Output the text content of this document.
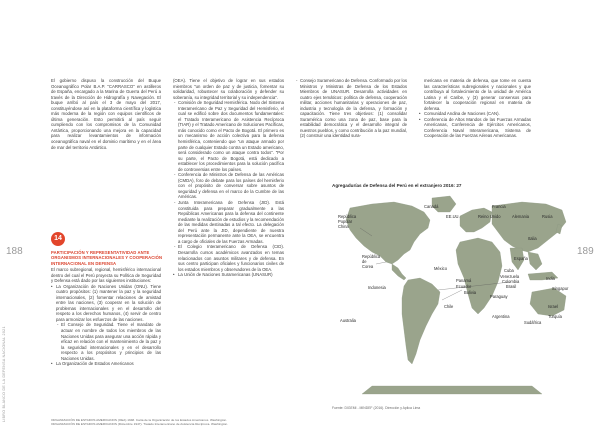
188	189
LIBRO BLANCO DE LA DEFENSA NACIONAL 2021

El gobierno dispuso la construcción del Buque Oceanográfico Polar B.A.P. "CARRASCO" en astilleros de España, encargado a la Marina de Guerra del Perú a través de la Dirección de Hidrografía y Navegación. El buque arribó al país el 3 de mayo del 2017, constituyéndose así en la plataforma científica y logística más moderna de la región con equipos científicos de última generación. Esto permitirá al país seguir cumpliendo con los compromisos de la Comunidad Antártica, proporcionando una mejora en la capacidad para realizar levantamientos de información oceanográfica naval en el dominio marítimo y en el área de mar del territorio Antártico.

14
PARTICIPACIÓN Y REPRESENTATIVIDAD ANTE ORGANISMOS INTERNACIONALES Y COOPERACIÓN INTERNACIONAL EN DEFENSA

El marco subregional, regional, hemisférico internacional dentro del cual el Perú proyecta su Política de Seguridad y Defensa está dado por las siguientes instituciones:

• La Organización de Naciones Unidas (ONU). Tiene cuatro propósitos: (1) mantener la paz y la seguridad internacionales, (2) fomentar relaciones de amistad entre las naciones, (3) cooperar en la solución de problemas internacionales y en el desarrollo del respeto a los derechos humanos, (4) servir de centro para armonizar los esfuerzos de las naciones.
- El Consejo de Seguridad. Tiene el mandato de actuar en nombre de todos los miembros de las Naciones Unidas para asegurar una acción rápida y eficaz en relación con el mantenimiento de la paz y la seguridad internacionales y en el desarrollo respecto a los propósitos y principios de las Naciones Unidas.
• La Organización de Estados Americanos

(OEA). Tiene el objetivo de lograr en sus estados miembros "un orden de paz y de justicia, fomentar su solidaridad, robustecer su colaboración y defender su soberanía, su integridad territorial y su independencia".

- Comisión de Seguridad Hemisférica. Nodo del Sistema Interamericano de Paz y Seguridad del Hemisferio, el cual se edificó sobre dos documentos fundamentales: el Tratado Interamericano de Asistencia Recíproca (TIAR) y el Tratado Americano de Soluciones Pacíficas, más conocido como el Pacto de Bogotá. El primero es un mecanismo de acción colectiva para la defensa hemisférica, conteniendo que "un ataque armado por parte de cualquier Estado contra un Estado americano, será considerado como un ataque contra todos". "Por su parte, el Pacto de Bogotá, está dedicado a establecer los procedimientos para la solución pacífica de controversias entre los países.
- Conferencia de Ministros de Defensa de las Américas (CMDA), foro de debate para los países del hemisferio con el propósito de conversar sobre asuntos de seguridad y defensa en el marco de la Cumbre de las Américas.
- Junta Interamericana de Defensa (JID). Está constituida para preparar gradualmente a las Repúblicas Americanas para la defensa del continente mediante la realización de estudios y la recomendación de las medidas destinadas a tal efecto. La delegación del Perú ante la JID, dependiente de nuestra representación permanente ante la OEA, se encuentra a cargo de oficiales de las Fuerzas Armadas.
- El Colegio Interamericano de Defensa (CID). Desarrolla cursos académicos avanzados en temas relacionados con asuntos militares y de defensa. En sus centro participan oficiales y funcionarios civiles de los estados miembros y observadores de la OEA.
• La Unión de Naciones Suramericanas (UNASUR)
- Consejo Suramericano de Defensa. Conformado por los Ministros y Ministras de Defensa de los Estados Miembros de UNASUR. Desarrolla actividades en cuatro ejes temáticos: política de defensa, cooperación militar, acciones humanitarias y operaciones de paz, industria y tecnología de la defensa, y formación y capacitación. Tiene tres objetivos: (1) consolidar Suramérica como una zona de paz, base para la estabilidad democrática y el desarrollo integral de nuestros pueblos, y como contribución a la paz mundial, (2) construir una identidad sura-

mericana en materia de defensa, que tome en cuenta las características subregionales y nacionales y que contribuya al fortalecimiento de la unidad de América Latina y el Caribe, y (3) generar consensos para fortalecer la cooperación regional en materia de defensa.

• Comunidad Andina de Naciones (CAN).
• Conferencia de Altos Mandos de las Fuerzas Armadas Americanas, Conferencia de Ejércitos Americanos, Conferencia Naval Interamericana, Sistema de Cooperación de las Fuerzas Aéreas Americanas.
Agregadurías de Defensa del Perú en el extranjero 2016: 27
República
Popular
China
Canadá
EE.UU.
Francia
Reino Unido	Alemania	Rusia
Italia
República
de
Corea	México
España
Indonesia
Cuba
Venezuela
Colombia
Brasil
Panamá
Ecuador
Bolivia
Paraguay
India
Singapur
Israel
Chile
Argentina	Turquía
Australia	Sudáfrica
Fuente: DIGEMI - MINDEF (2016). Dirección y Aplica Lima
ORGANIZACIÓN DE ESTADOS AMERICANOS (OEA) 1948. Carta de la Organización de los Estados Americanos. Washington.
ORGANIZACIÓN DE ESTADOS AMERICANOS (Diciembre 1947). Tratado Interamericano de Asistencia Recíproca. Washington.
